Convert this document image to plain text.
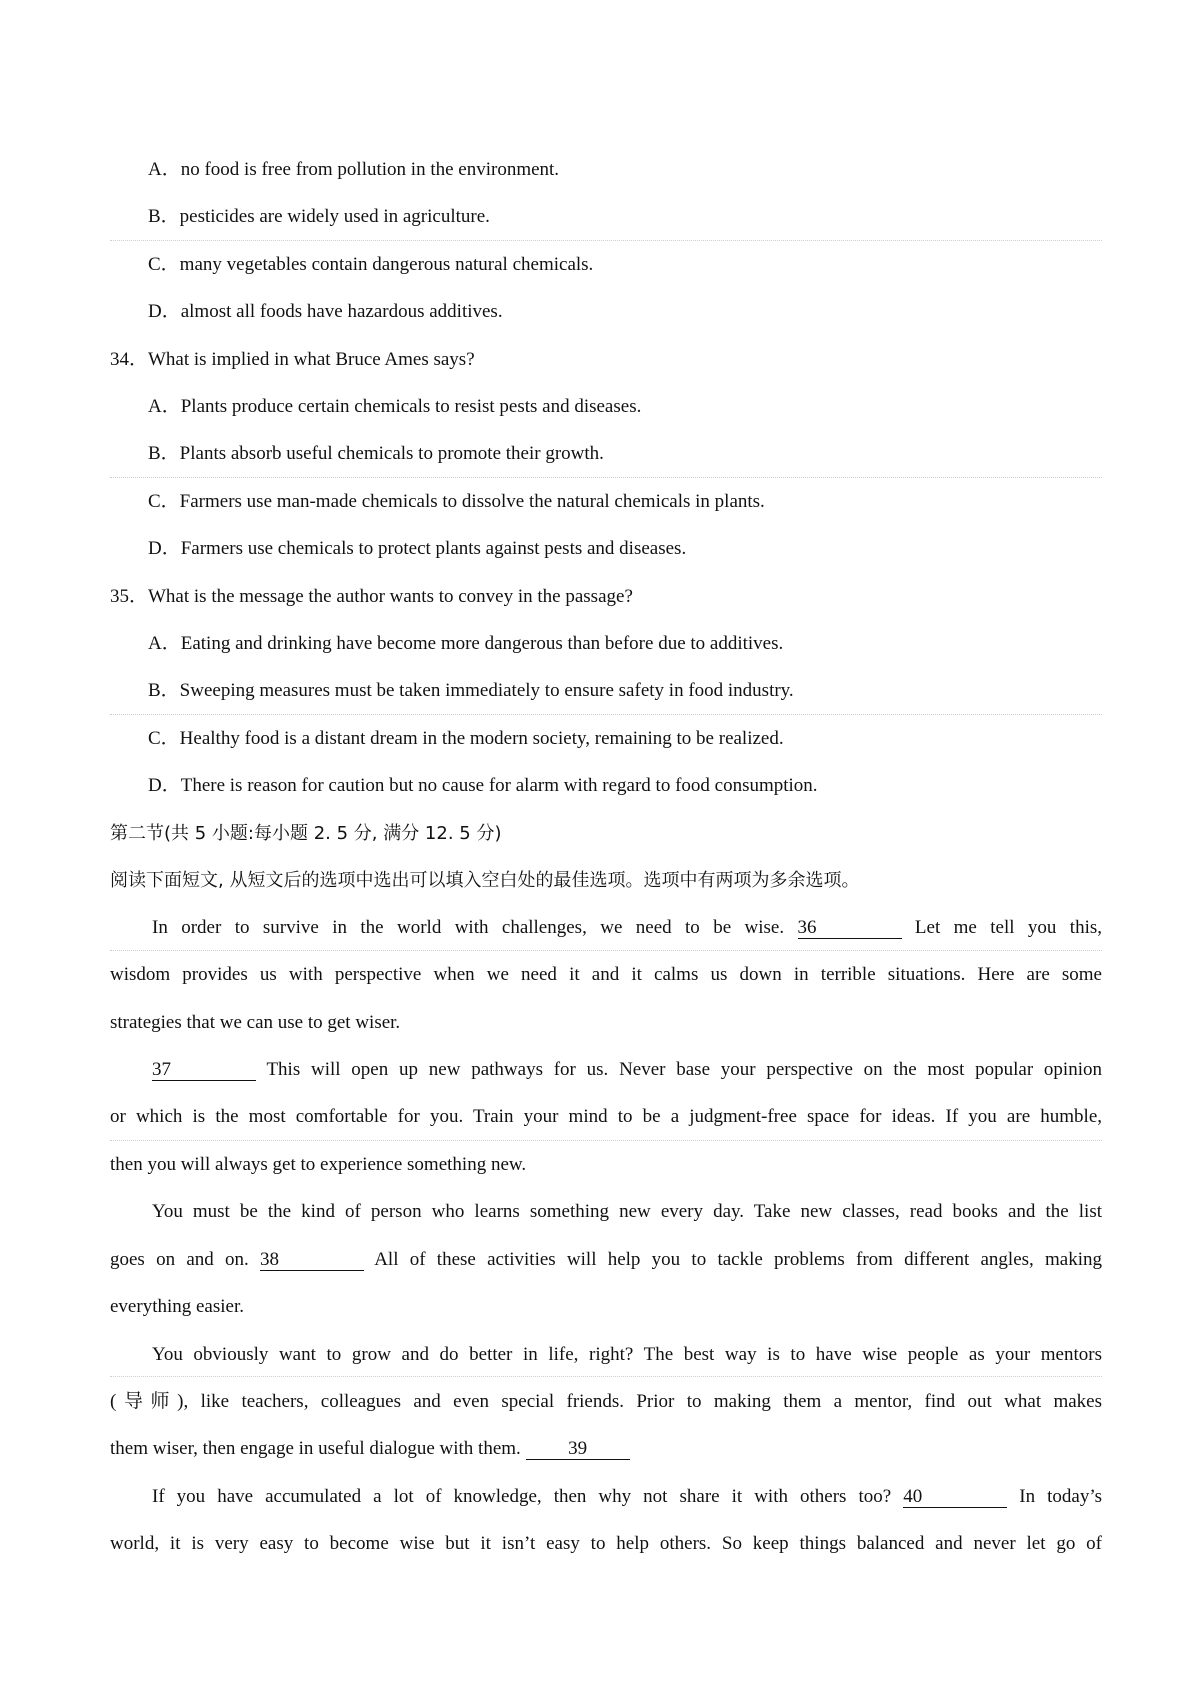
A．no food is free from pollution in the environment.
B．pesticides are widely used in agriculture.
C．many vegetables contain dangerous natural chemicals.
D．almost all foods have hazardous additives.
34．What is implied in what Bruce Ames says?
A．Plants produce certain chemicals to resist pests and diseases.
B．Plants absorb useful chemicals to promote their growth.
C．Farmers use man-made chemicals to dissolve the natural chemicals in plants.
D．Farmers use chemicals to protect plants against pests and diseases.
35．What is the message the author wants to convey in the passage?
A．Eating and drinking have become more dangerous than before due to additives.
B．Sweeping measures must be taken immediately to ensure safety in food industry.
C．Healthy food is a distant dream in the modern society, remaining to be realized.
D．There is reason for caution but no cause for alarm with regard to food consumption.
第二节(共 5 小题:每小题 2. 5 分, 满分 12. 5 分)
阅读下面短文, 从短文后的选项中选出可以填入空白处的最佳选项。选项中有两项为多余选项。
In order to survive in the world with challenges, we need to be wise. 36	Let me tell you this,
wisdom provides us with perspective when we need it and it calms us down in terrible situations. Here are some
strategies that we can use to get wiser.
37	This will open up new pathways for us. Never base your perspective on the most popular opinion
or which is the most comfortable for you. Train your mind to be a judgment-free space for ideas. If you are humble,
then you will always get to experience something new.
You must be the kind of person who learns something new every day. Take new classes, read books and the list
goes on and on. 38	All of these activities will help you to tackle problems from different angles, making
everything easier.
You obviously want to grow and do better in life, right? The best way is to have wise people as your mentors
(导师), like teachers, colleagues and even special friends. Prior to making them a mentor, find out what makes
them wiser, then engage in useful dialogue with them. 39
If you have accumulated a lot of knowledge, then why not share it with others too? 40	In today’s
world, it is very easy to become wise but it isn’t easy to help others. So keep things balanced and never let go of
